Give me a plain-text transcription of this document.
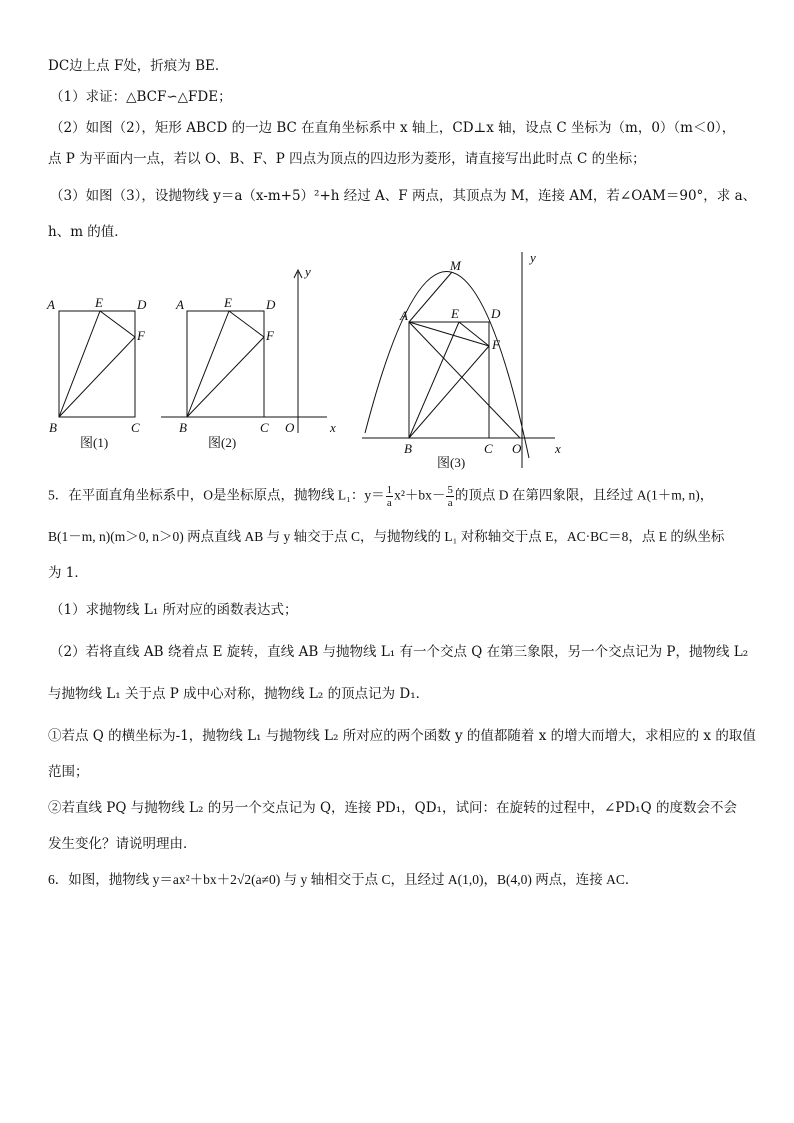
DC边上点 F处，折痕为 BE．
（1）求证：△BCF∽△FDE；
（2）如图（2），矩形 ABCD 的一边 BC 在直角坐标系中 x 轴上，CD⊥x 轴，设点 C 坐标为（m，0）（m＜0），
点 P 为平面内一点，若以 O、B、F、P 四点为顶点的四边形为菱形，请直接写出此时点 C 的坐标；
（3）如图（3），设抛物线 y＝a（x-m+5）²+h 经过 A、F 两点，其顶点为 M，连接 AM，若∠OAM＝90°，求 a、
h、m 的值．
A	E	D
F
B	C
图(1)
A	E	D
F
B	C O	x
y
图(2)
M
A	E D
F
B	C O	x
y
图(3)
5．在平面直角坐标系中，O是坐标原点，抛物线 L₁：$y= \frac{1}{a} x^2+bx- \frac{5}{a}$ 的顶点 D 在第四象限，且经过 A(1＋m, n)，
B(1－m, n)(m＞0, n＞0) 两点直线 AB 与 y 轴交于点 C，与抛物线的 L₁ 对称轴交于点 E，AC·BC＝8，点 E 的纵坐标
为 1．
（1）求抛物线 L₁ 所对应的函数表达式；
（2）若将直线 AB 绕着点 E 旋转，直线 AB 与抛物线 L₁ 有一个交点 Q 在第三象限，另一个交点记为 P，抛物线 L₂
与抛物线 L₁ 关于点 P 成中心对称，抛物线 L₂ 的顶点记为 D₁．
①若点 Q 的横坐标为-1，抛物线 L₁ 与抛物线 L₂ 所对应的两个函数 y 的值都随着 x 的增大而增大，求相应的 x 的取值
范围；
②若直线 PQ 与抛物线 L₂ 的另一个交点记为 Q，连接 PD₁，QD₁，试问：在旋转的过程中，∠PD₁Q 的度数会不会
发生变化？请说明理由．
6．如图，抛物线 y＝ax²＋bx＋2√2(a≠0) 与 y 轴相交于点 C，且经过 A(1,0)，B(4,0) 两点，连接 AC．
